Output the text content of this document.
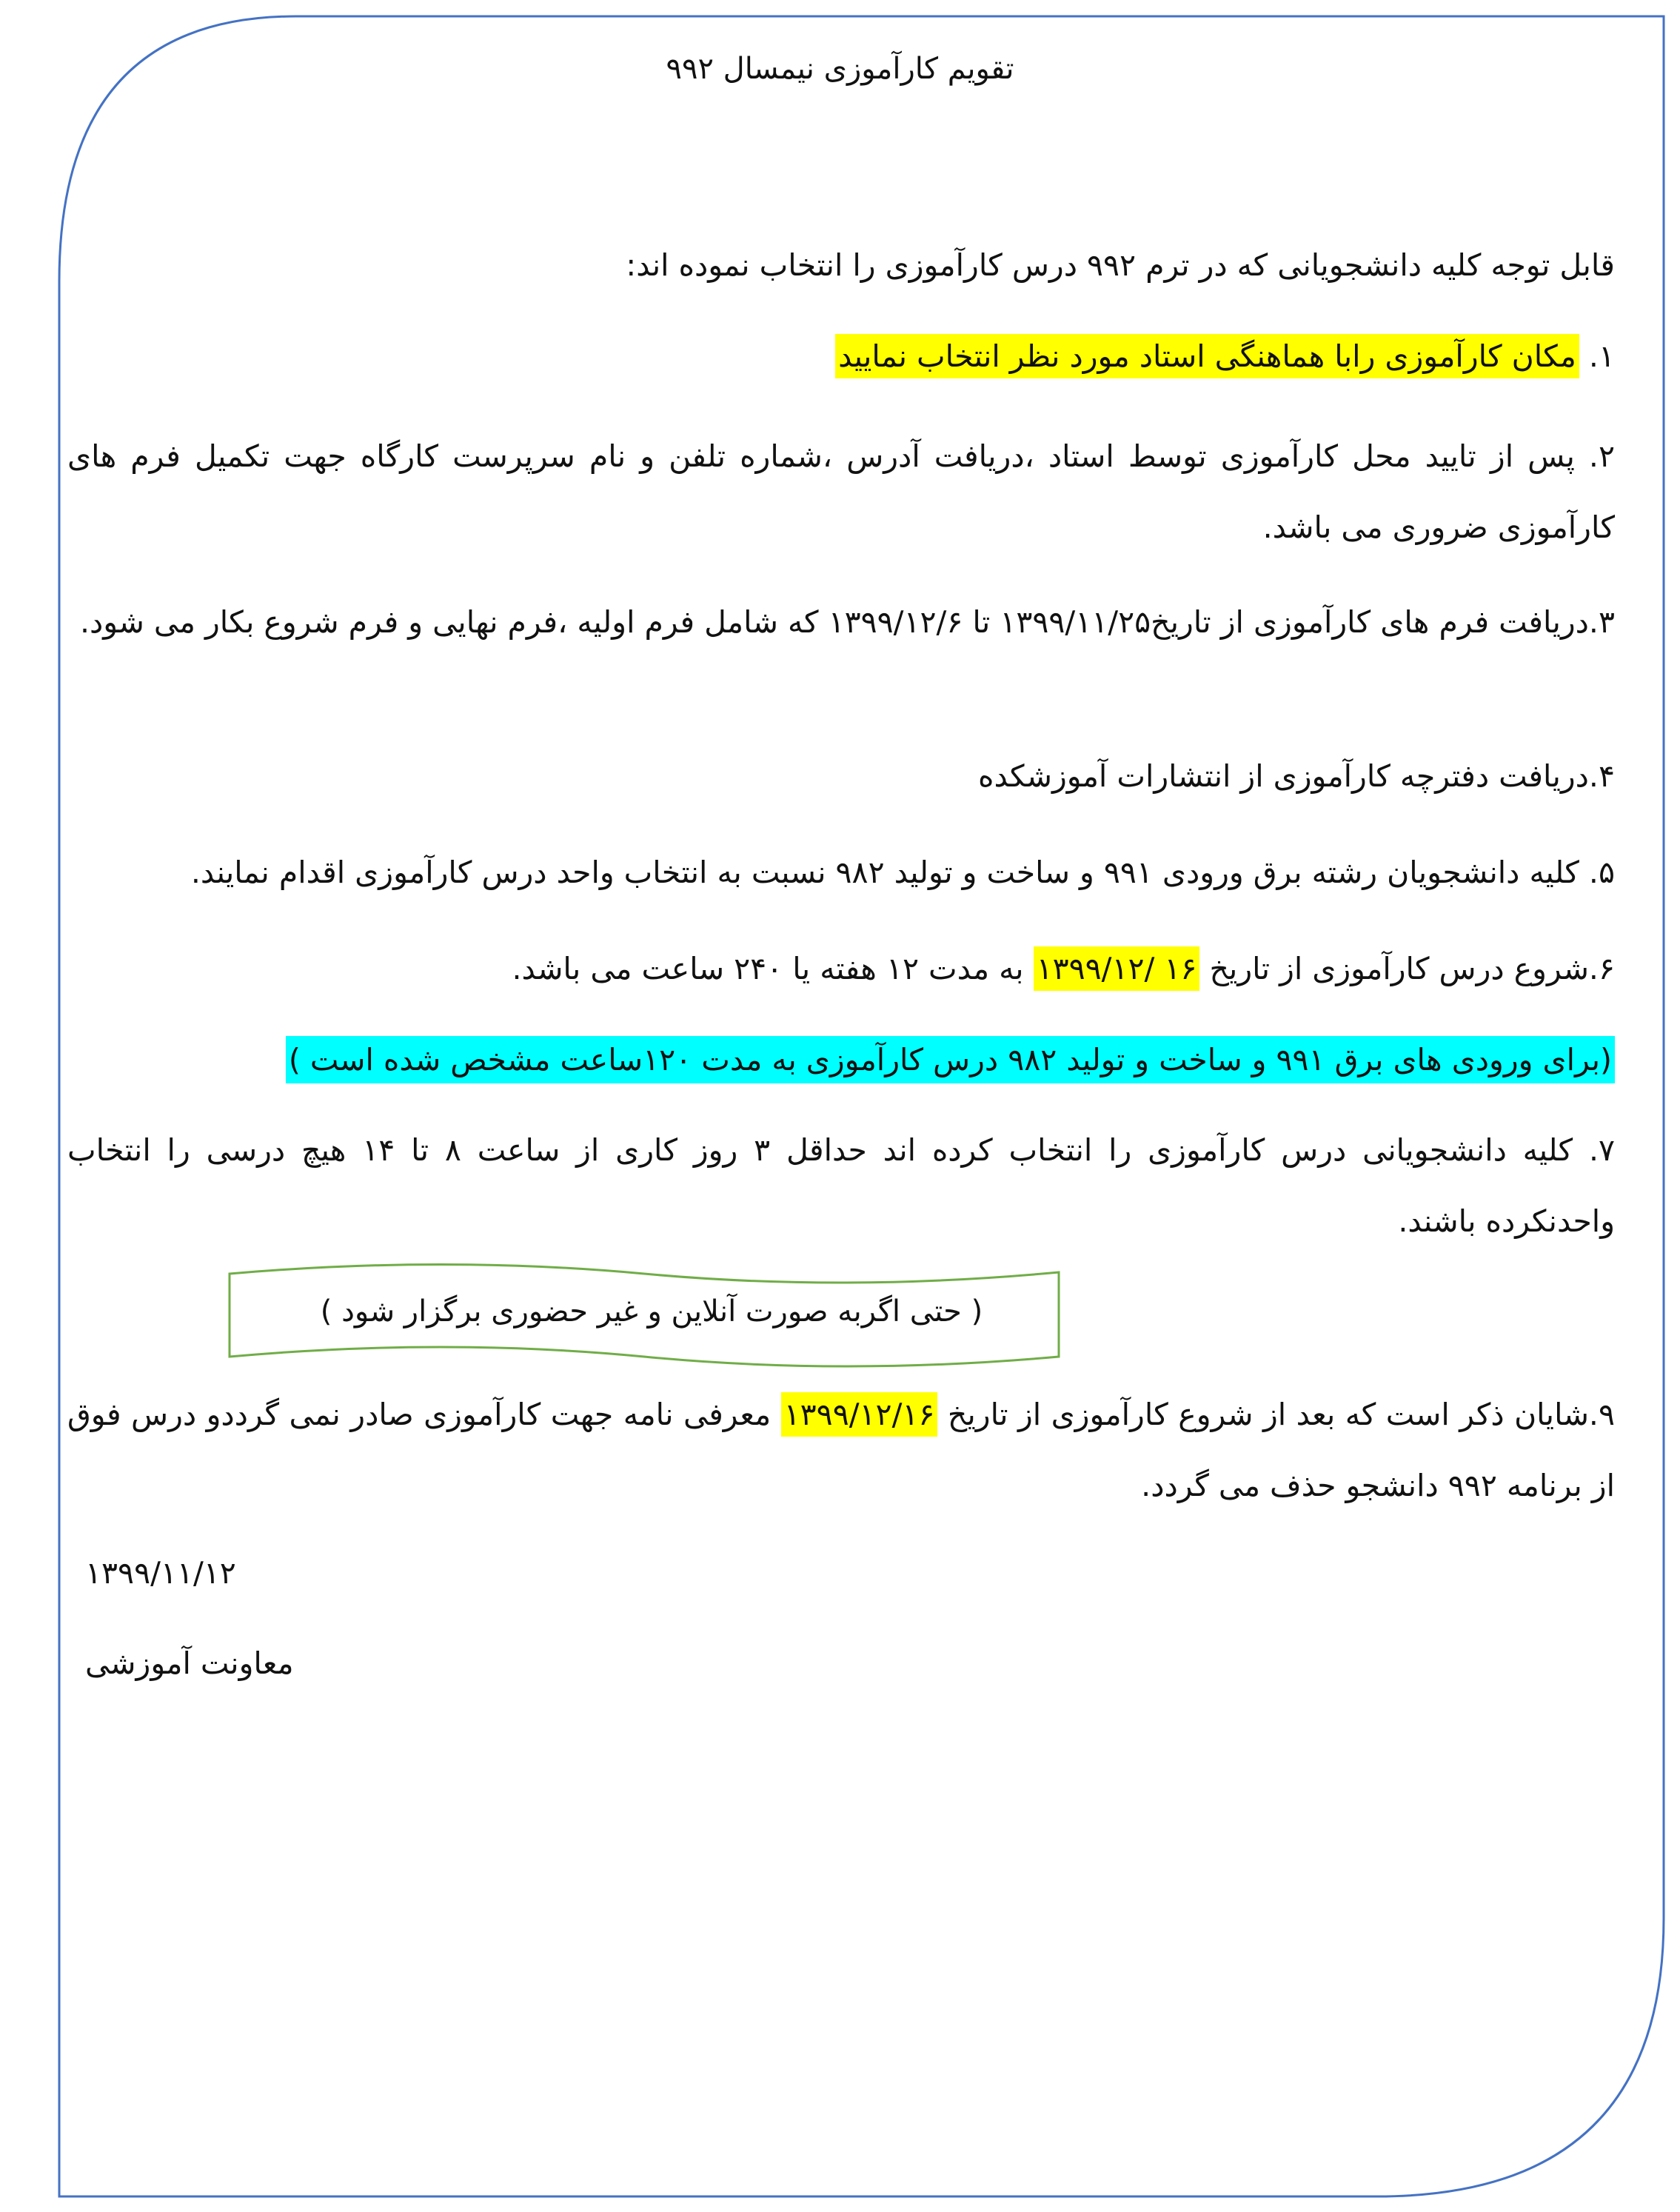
تقویم کارآموزی نیمسال ۹۹۲
قابل توجه کلیه دانشجویانی که در ترم ۹۹۲ درس کارآموزی را انتخاب نموده اند:
۱. مکان کارآموزی رابا هماهنگی استاد مورد نظر انتخاب نمایید
۲. پس از تایید محل کارآموزی توسط استاد ،دریافت آدرس ،شماره تلفن و نام سرپرست کارگاه جهت تکمیل فرم های کارآموزی ضروری می باشد.
۳.دریافت فرم های کارآموزی از تاریخ۱۳۹۹/۱۱/۲۵ تا ۱۳۹۹/۱۲/۶ که شامل فرم اولیه ،فرم نهایی و فرم شروع بکار می شود.
۴.دریافت دفترچه کارآموزی از انتشارات آموزشکده
۵. کلیه دانشجویان رشته برق ورودی ۹۹۱ و ساخت و تولید ۹۸۲ نسبت به انتخاب واحد درس کارآموزی اقدام نمایند.
۶.شروع درس کارآموزی از تاریخ ۱۶ /۱۳۹۹/۱۲ به مدت ۱۲ هفته یا ۲۴۰ ساعت می باشد.
(برای ورودی های برق ۹۹۱ و ساخت و تولید ۹۸۲ درس کارآموزی به مدت ۱۲۰ساعت مشخص شده است )
۷. کلیه دانشجویانی درس کارآموزی را انتخاب کرده اند حداقل ۳ روز کاری از ساعت ۸ تا ۱۴ هیچ درسی را انتخاب واحدنکرده باشند.
( حتی اگربه صورت آنلاین و غیر حضوری برگزار شود )
۹.شایان ذکر است که بعد از شروع کارآموزی از تاریخ ۱۳۹۹/۱۲/۱۶ معرفی نامه جهت کارآموزی صادر نمی گرددو درس فوق از برنامه ۹۹۲ دانشجو حذف می گردد.
۱۳۹۹/۱۱/۱۲
معاونت آموزشی
